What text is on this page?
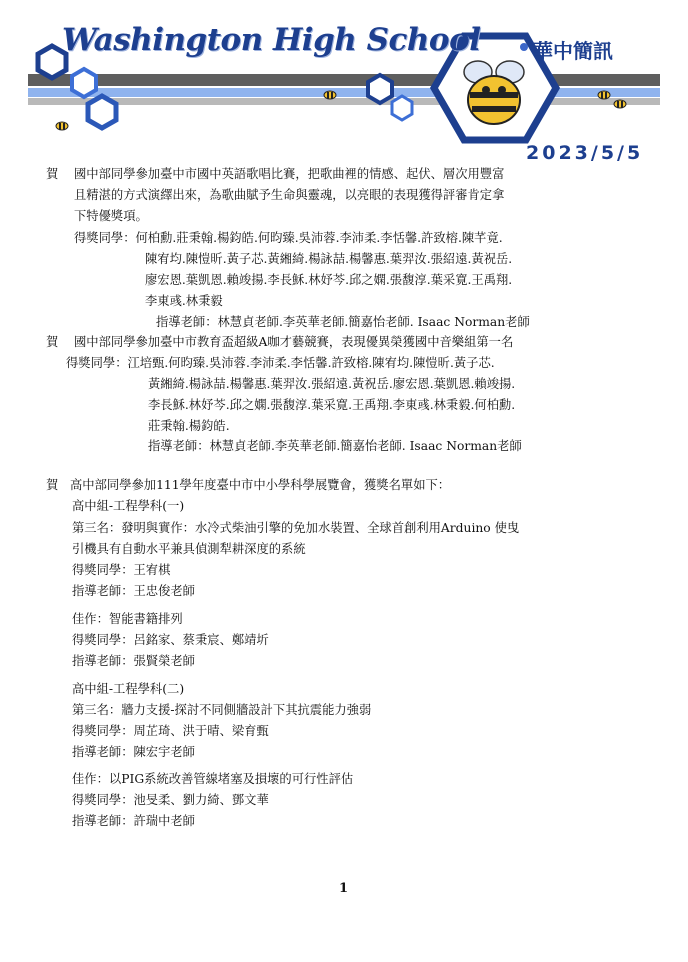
Washington High School	華中簡訊
2023/5/5
賀 國中部同學參加臺中市國中英語歌唱比賽，把歌曲裡的情感、起伏、層次用豐富
且精湛的方式演繹出來，為歌曲賦予生命與靈魂，以亮眼的表現獲得評審肯定拿
下特優獎項。
得獎同學：何柏勳.莊秉翰.楊鈞皓.何昀臻.吳沛蓉.李沛柔.李恬馨.許致榕.陳芊竟.
陳宥均.陳愷昕.黃子芯.黃緗綺.楊詠喆.楊馨惠.葉羿汝.張紹遠.黃祝岳.
廖宏恩.葉凱恩.賴竣揚.李長穌.林妤芩.邱之嫻.張馥淳.葉采寛.王禹翔.
李東彧.林秉毅
指導老師：林慧貞老師.李英華老師.簡嘉怡老師. Isaac Norman老師
賀 國中部同學參加臺中市教育盃超級A咖才藝競賽，表現優異榮獲國中音樂組第一名
得獎同學：江培甄.何昀臻.吳沛蓉.李沛柔.李恬馨.許致榕.陳宥均.陳愷昕.黃子芯.
黃緗綺.楊詠喆.楊馨惠.葉羿汝.張紹遠.黃祝岳.廖宏恩.葉凱恩.賴竣揚.
李長穌.林妤芩.邱之嫻.張馥淳.葉采寛.王禹翔.李東彧.林秉毅.何柏勳.
莊秉翰.楊鈞皓.
指導老師：林慧貞老師.李英華老師.簡嘉怡老師. Isaac Norman老師
賀 高中部同學參加111學年度臺中市中小學科學展覽會，獲獎名單如下：
高中組-工程學科(一)
第三名：發明與實作：水冷式柴油引擎的免加水裝置、全球首創利用Arduino 使曳
引機具有自動水平兼具偵測犁耕深度的系統
得獎同學：王宥棋
指導老師：王忠俊老師
佳作：智能書籍排列
得獎同學：呂銘家、蔡秉宸、鄭靖圻
指導老師：張賢榮老師
高中組-工程學科(二)
第三名：牆力支援-探討不同側牆設計下其抗震能力強弱
得獎同學：周芷琦、洪于晴、梁育甄
指導老師：陳宏宇老師
佳作：以PIG系統改善管線堵塞及損壞的可行性評估
得獎同學：池旻柔、劉力綺、鄧文華
指導老師：許瑞中老師
1
